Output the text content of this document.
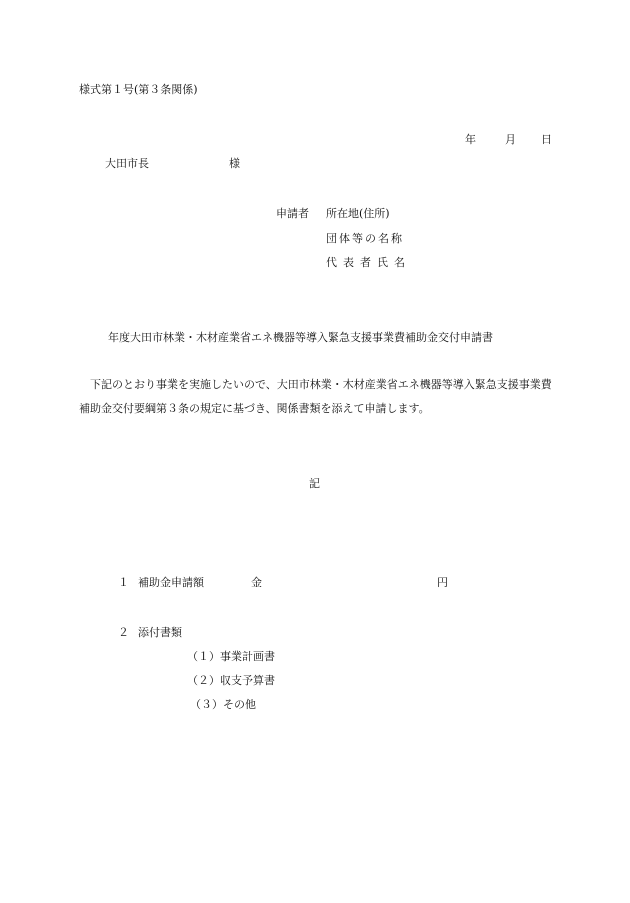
様式第１号(第３条関係)
年	月 日
大田市長	様
申請者 所在地(住所)
団体等の名称
代表者氏名
年度大田市林業・木材産業省エネ機器等導入緊急支援事業費補助金交付申請書
下記のとおり事業を実施したいので、大田市林業・木材産業省エネ機器等導入緊急支援事業費補助金交付要綱第３条の規定に基づき、関係書類を添えて申請します。
記
１ 補助金申請額	金	円
２ 添付書類
（１）事業計画書
（２）収支予算書
（３）その他
